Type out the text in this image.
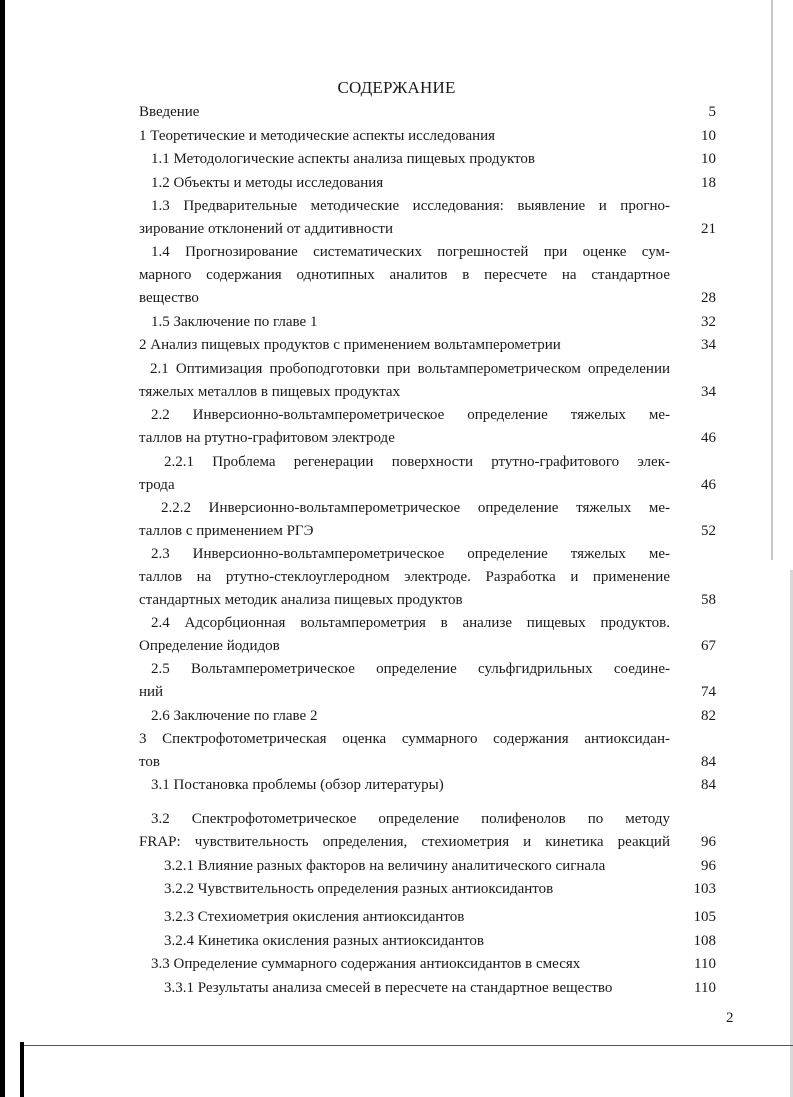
СОДЕРЖАНИЕ
Введение	5
1 Теоретические и методические аспекты исследования	10
1.1 Методологические аспекты анализа пищевых продуктов	10
1.2 Объекты и методы исследования	18
1.3 Предварительные методические исследования: выявление и прогно-
зирование отклонений от аддитивности	21
1.4 Прогнозирование систематических погрешностей при оценке сум-
марного содержания однотипных аналитов в пересчете на стандартное
вещество	28
1.5 Заключение по главе 1	32
2 Анализ пищевых продуктов с применением вольтамперометрии	34
2.1 Оптимизация пробоподготовки при вольтамперометрическом определении
тяжелых металлов в пищевых продуктах	34
2.2 Инверсионно-вольтамперометрическое определение тяжелых ме-
таллов на ртутно-графитовом электроде	46
2.2.1 Проблема регенерации поверхности ртутно-графитового элек-
трода	46
2.2.2 Инверсионно-вольтамперометрическое определение тяжелых ме-
таллов с применением РГЭ	52
2.3 Инверсионно-вольтамперометрическое определение тяжелых ме-
таллов на ртутно-стеклоуглеродном электроде. Разработка и применение
стандартных методик анализа пищевых продуктов	58
2.4 Адсорбционная вольтамперометрия в анализе пищевых продуктов.
Определение йодидов	67
2.5 Вольтамперометрическое определение сульфгидрильных соедине-
ний	74
2.6 Заключение по главе 2	82
3 Спектрофотометрическая оценка суммарного содержания антиоксидан-
тов	84
3.1 Постановка проблемы (обзор литературы)	84
3.2 Спектрофотометрическое определение полифенолов по методу
FRAP: чувствительность определения, стехиометрия и кинетика реакций	96
3.2.1 Влияние разных факторов на величину аналитического сигнала	96
3.2.2 Чувствительность определения разных антиоксидантов	103
3.2.3 Стехиометрия окисления антиоксидантов	105
3.2.4 Кинетика окисления разных антиоксидантов	108
3.3 Определение суммарного содержания антиоксидантов в смесях	110
3.3.1 Результаты анализа смесей в пересчете на стандартное вещество	110
2
